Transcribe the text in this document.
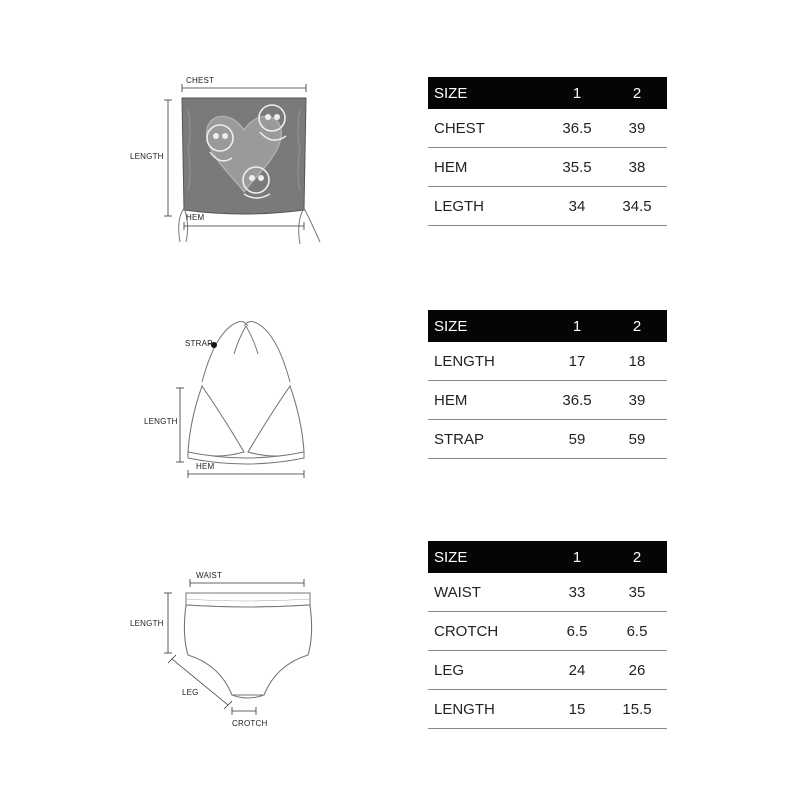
CHEST
LENGTH
HEM
SIZE	1	2
CHEST	36.5	39
HEM	35.5	38
LEGTH	34	34.5
STRAP
LENGTH
HEM
SIZE	1	2
LENGTH	17	18
HEM	36.5	39
STRAP	59	59
WAIST
LENGTH
LEG
CROTCH
SIZE	1	2
WAIST	33	35
CROTCH	6.5	6.5
LEG	24	26
LENGTH	15	15.5
